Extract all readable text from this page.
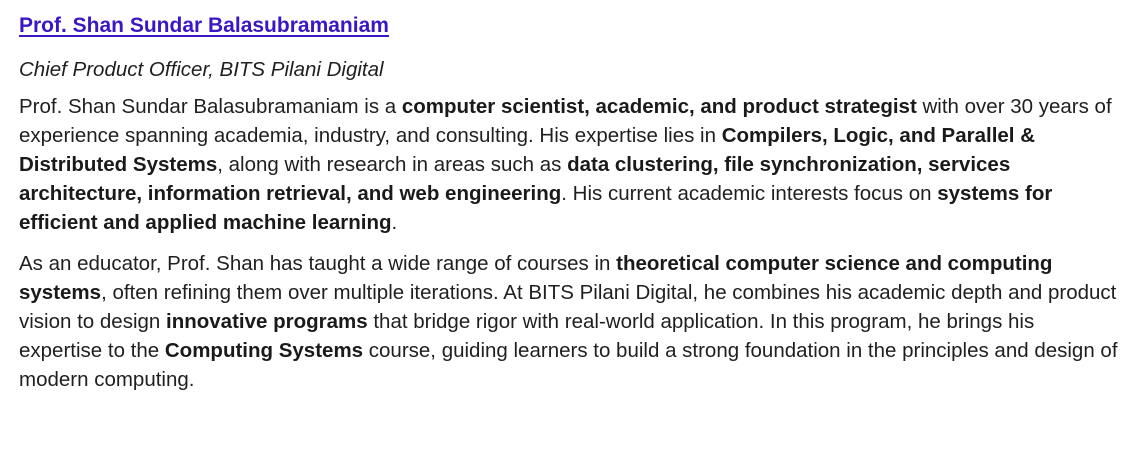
Prof. Shan Sundar Balasubramaniam
Chief Product Officer, BITS Pilani Digital

Prof. Shan Sundar Balasubramaniam is a computer scientist, academic, and product strategist with over 30 years of experience spanning academia, industry, and consulting. His expertise lies in Compilers, Logic, and Parallel & Distributed Systems, along with research in areas such as data clustering, file synchronization, services architecture, information retrieval, and web engineering. His current academic interests focus on systems for efficient and applied machine learning.

As an educator, Prof. Shan has taught a wide range of courses in theoretical computer science and computing systems, often refining them over multiple iterations. At BITS Pilani Digital, he combines his academic depth and product vision to design innovative programs that bridge rigor with real-world application. In this program, he brings his expertise to the Computing Systems course, guiding learners to build a strong foundation in the principles and design of modern computing.
